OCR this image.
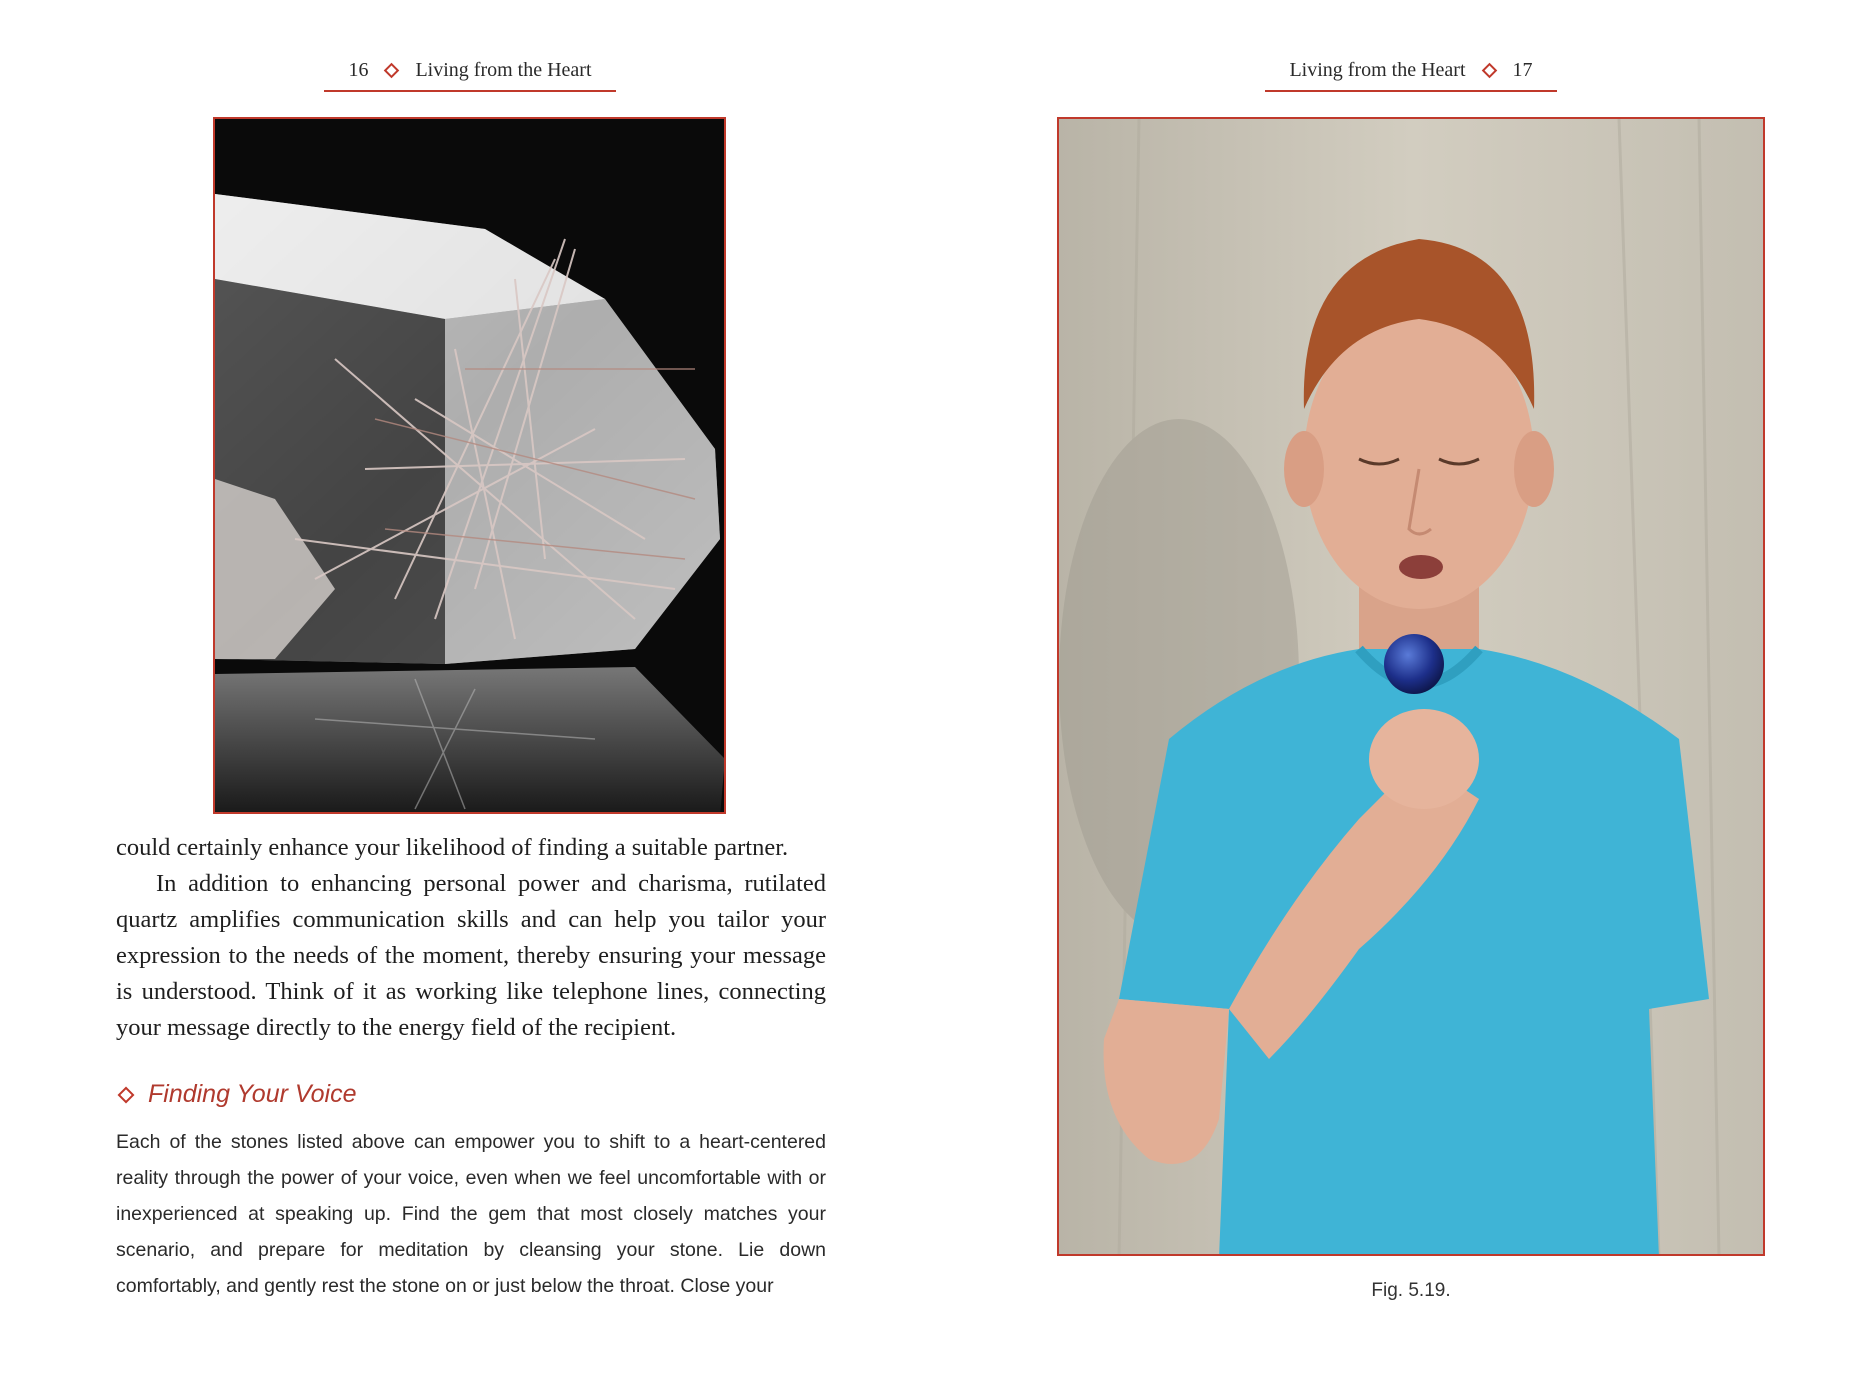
16 Living from the Heart

could certainly enhance your likelihood of finding a suitable partner.

In addition to enhancing personal power and charisma, rutilated quartz amplifies communication skills and can help you tailor your expression to the needs of the moment, thereby ensuring your message is understood. Think of it as working like telephone lines, connecting your message directly to the energy field of the recipient.

Finding Your Voice
Each of the stones listed above can empower you to shift to a heart-centered reality through the power of your voice, even when we feel uncomfortable with or inexperienced at speaking up. Find the gem that most closely matches your scenario, and prepare for meditation by cleansing your stone. Lie down comfortably, and gently rest the stone on or just below the throat. Close your
Living from the Heart 17
Fig. 5.19.
